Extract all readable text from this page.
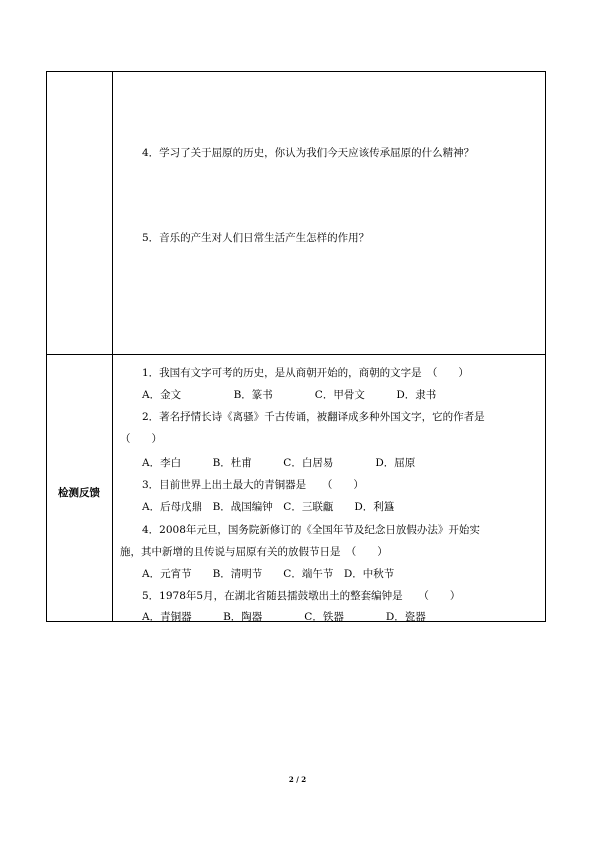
4．学习了关于屈原的历史，你认为我们今天应该传承屈原的什么精神？
5．音乐的产生对人们日常生活产生怎样的作用？
检测反馈
1．我国有文字可考的历史，是从商朝开始的，商朝的文字是　（　　）
A．金文　　　　　B．篆书　　　　C．甲骨文　　　D．隶书
2．著名抒情长诗《离骚》千古传诵，被翻译成多种外国文字，它的作者是
（　　）
A．李白　　　B．杜甫　　　C．白居易　　　　D．屈原
3．目前世界上出土最大的青铜器是　　（　　）
A．后母戊鼎　B．战国编钟　C．三联甗　　D．利簋
4．2008年元旦，国务院新修订的《全国年节及纪念日放假办法》开始实
施，其中新增的且传说与屈原有关的放假节日是　（　　）
A．元宵节　　B．清明节　　C．端午节　D．中秋节
5．1978年5月，在湖北省随县擂鼓墩出土的整套编钟是　　（　　）
A．青铜器　　　B．陶器　　　　C．铁器　　　　D．瓷器
2 / 2
